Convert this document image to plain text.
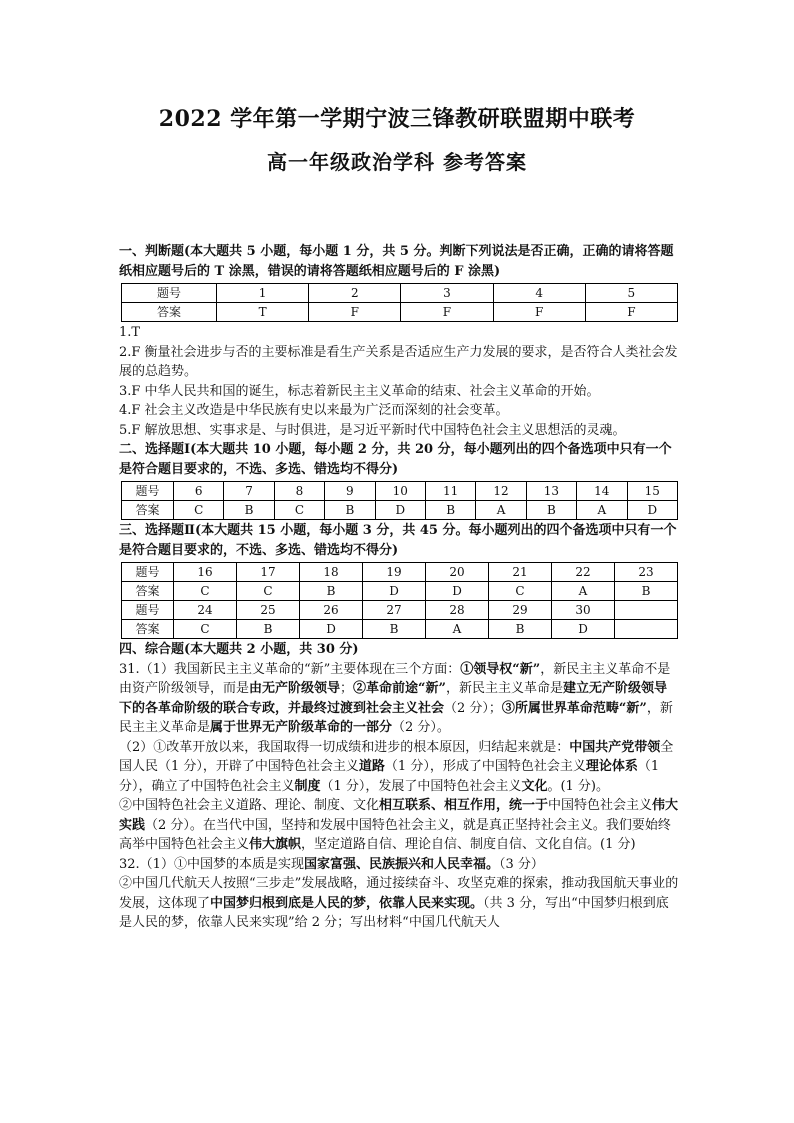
2022 学年第一学期宁波三锋教研联盟期中联考
高一年级政治学科 参考答案

一、判断题(本大题共 5 小题，每小题 1 分，共 5 分。判断下列说法是否正确，正确的请将答题纸相应题号后的 T 涂黑，错误的请将答题纸相应题号后的 F 涂黑)

题号	1	2	3	4	5
答案	T	F	F	F	F

1.T

2.F 衡量社会进步与否的主要标准是看生产关系是否适应生产力发展的要求，是否符合人类社会发展的总趋势。

3.F 中华人民共和国的诞生，标志着新民主主义革命的结束、社会主义革命的开始。

4.F 社会主义改造是中华民族有史以来最为广泛而深刻的社会变革。

5.F 解放思想、实事求是、与时俱进，是习近平新时代中国特色社会主义思想活的灵魂。

二、选择题Ⅰ(本大题共 10 小题，每小题 2 分，共 20 分，每小题列出的四个备选项中只有一个是符合题目要求的，不选、多选、错选均不得分)

题号	6	7	8	9	10	11	12	13	14	15
答案	C	B	C	B	D	B	A	B	A	D

三、选择题Ⅱ(本大题共 15 小题，每小题 3 分，共 45 分。每小题列出的四个备选项中只有一个是符合题目要求的，不选、多选、错选均不得分)

题号	16	17	18	19	20	21	22	23
答案	C	C	B	D	D	C	A	B
题号	24	25	26	27	28	29	30	
答案	C	B	D	B	A	B	D	

四、综合题(本大题共 2 小题，共 30 分)

31.（1）我国新民主主义革命的“新”主要体现在三个方面：①领导权“新”，新民主主义革命不是由资产阶级领导，而是由无产阶级领导；②革命前途“新”，新民主主义革命是建立无产阶级领导下的各革命阶级的联合专政，并最终过渡到社会主义社会（2 分）；③所属世界革命范畴“新”，新民主主义革命是属于世界无产阶级革命的一部分（2 分）。

（2）①改革开放以来，我国取得一切成绩和进步的根本原因，归结起来就是：中国共产党带领全国人民（1 分），开辟了中国特色社会主义道路（1 分），形成了中国特色社会主义理论体系（1 分），确立了中国特色社会主义制度（1 分），发展了中国特色社会主义文化。(1 分)。

②中国特色社会主义道路、理论、制度、文化相互联系、相互作用，统一于中国特色社会主义伟大实践（2 分）。在当代中国，坚持和发展中国特色社会主义，就是真正坚持社会主义。我们要始终高举中国特色社会主义伟大旗帜，坚定道路自信、理论自信、制度自信、文化自信。(1 分)

32.（1）①中国梦的本质是实现国家富强、民族振兴和人民幸福。（3 分）

②中国几代航天人按照“三步走”发展战略，通过接续奋斗、攻坚克难的探索，推动我国航天事业的发展，这体现了中国梦归根到底是人民的梦，依靠人民来实现。（共 3 分，写出“中国梦归根到底是人民的梦，依靠人民来实现”给 2 分；写出材料“中国几代航天人
